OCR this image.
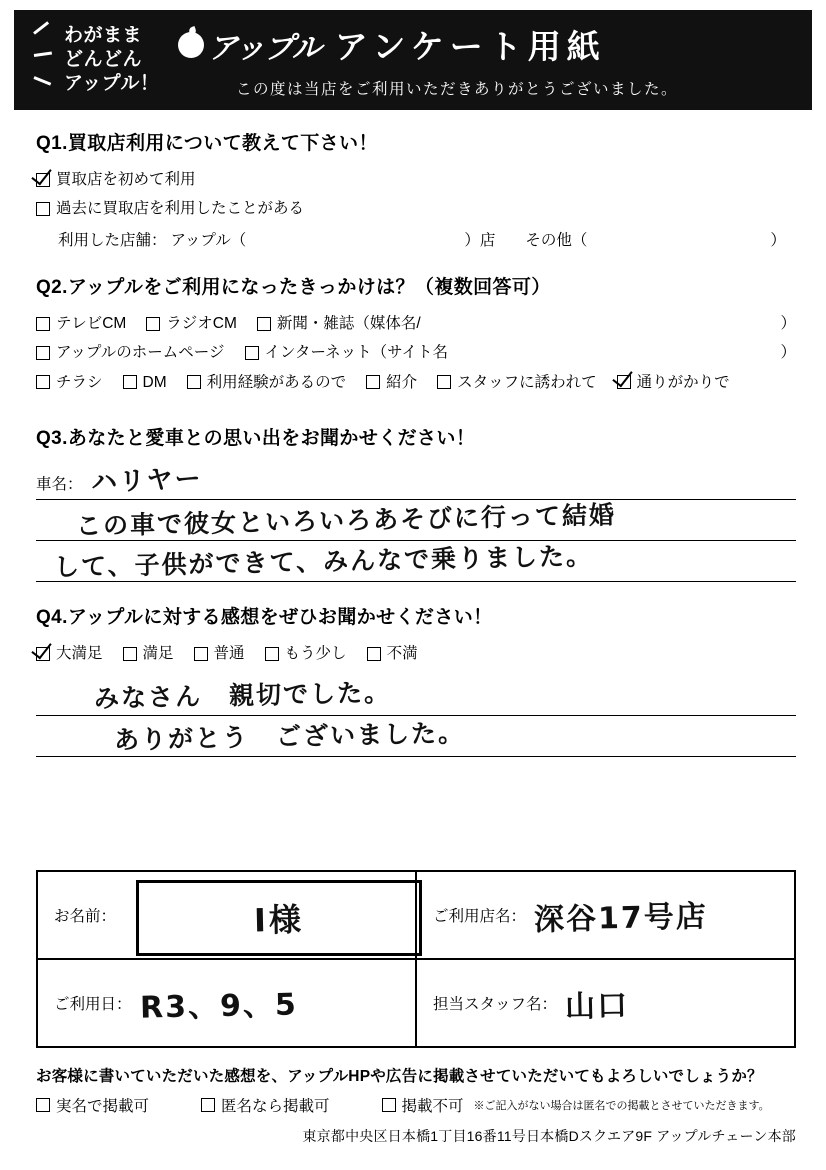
わがまま
どんどん
アップル！
アップル アンケート用紙
この度は当店をご利用いただきありがとうございました。
Q1.買取店利用について教えて下さい！
買取店を初めて利用
過去に買取店を利用したことがある
利用した店舗： アップル（	）店 その他（	）
Q2.アップルをご利用になったきっかけは？（複数回答可）
テレビCM	ラジオCM	新聞・雑誌（媒体名/	）
アップルのホームページ	インターネット（サイト名	）
チラシ	DM	利用経験があるので	紹介	スタッフに誘われて	通りがかりで
Q3.あなたと愛車との思い出をお聞かせください！
車名： ハリヤー
この車で彼女といろいろあそびに行って結婚
して、子供ができて、みんなで乗りました。
Q4.アップルに対する感想をぜひお聞かせください！
大満足	満足	普通	もう少し	不満
みなさん　親切でした。
ありがとう　ございました。
お名前：	I様	ご利用店名： 深谷17号店
ご利用日： R3、9、5	担当スタッフ名： 山口
お客様に書いていただいた感想を、アップルHPや広告に掲載させていただいてもよろしいでしょうか？
実名で掲載可	匿名なら掲載可	掲載不可 ※ご記入がない場合は匿名での掲載とさせていただきます。
東京都中央区日本橋1丁目16番11号日本橋Dスクエア9F アップルチェーン本部
